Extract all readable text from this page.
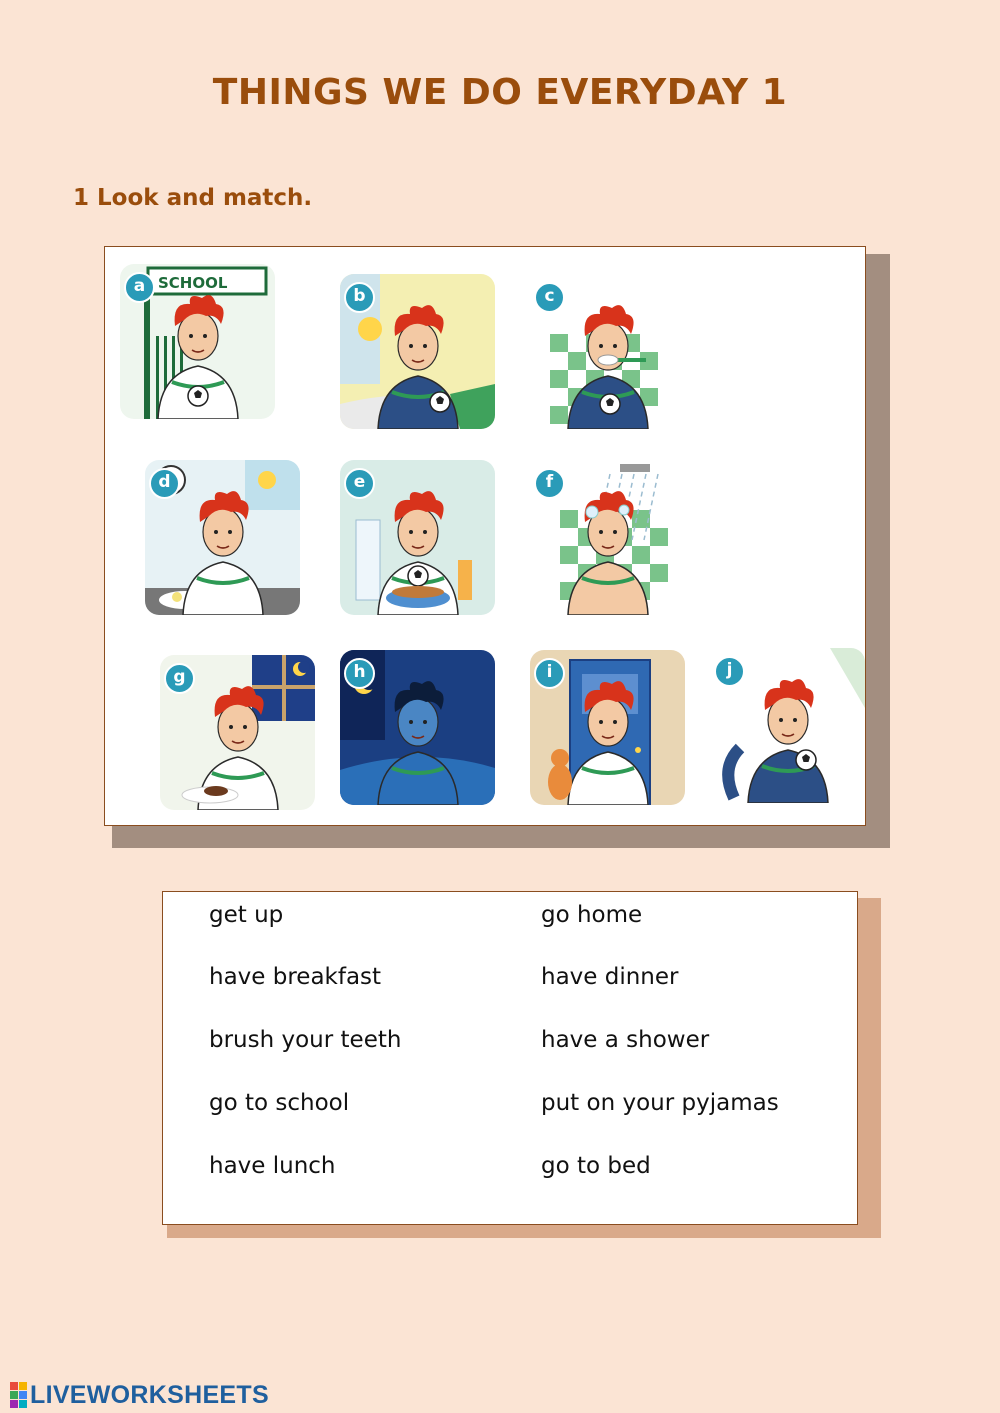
THINGS WE DO EVERYDAY 1
1 Look and match.
SCHOOL
a	b	c
d	e	f
g	h	i	j
get up
have breakfast
brush your teeth
go to school
have lunch
go home
have dinner
have a shower
put on your pyjamas
go to bed
LIVEWORKSHEETS
